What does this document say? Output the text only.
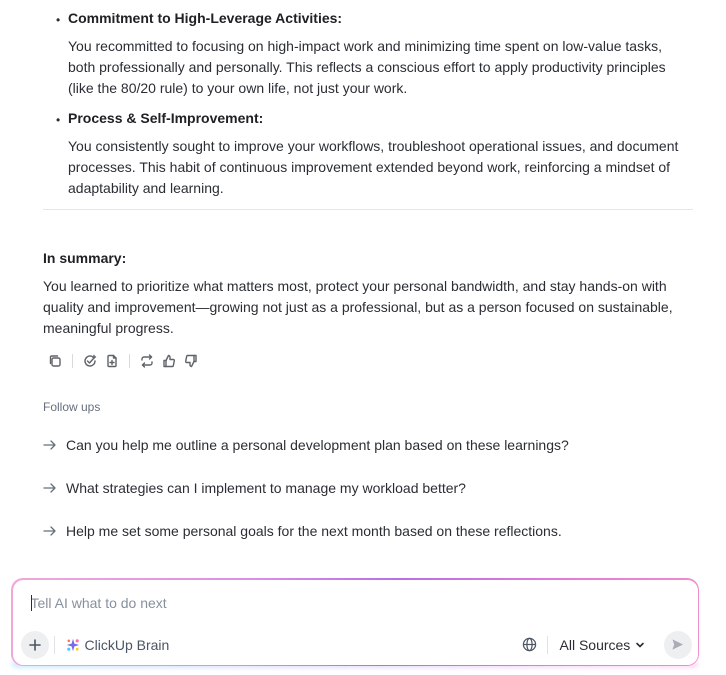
• Commitment to High-Leverage Activities:

You recommitted to focusing on high-impact work and minimizing time spent on low-value tasks, both professionally and personally. This reflects a conscious effort to apply productivity principles (like the 80/20 rule) to your own life, not just your work.

• Process & Self-Improvement:

You consistently sought to improve your workflows, troubleshoot operational issues, and document processes. This habit of continuous improvement extended beyond work, reinforcing a mindset of adaptability and learning.

In summary:

You learned to prioritize what matters most, protect your personal bandwidth, and stay hands-on with quality and improvement—growing not just as a professional, but as a person focused on sustainable, meaningful progress.

Follow ups
Can you help me outline a personal development plan based on these learnings?
What strategies can I implement to manage my workload better?
Help me set some personal goals for the next month based on these reflections.
Tell AI what to do next
ClickUp Brain	All Sources
